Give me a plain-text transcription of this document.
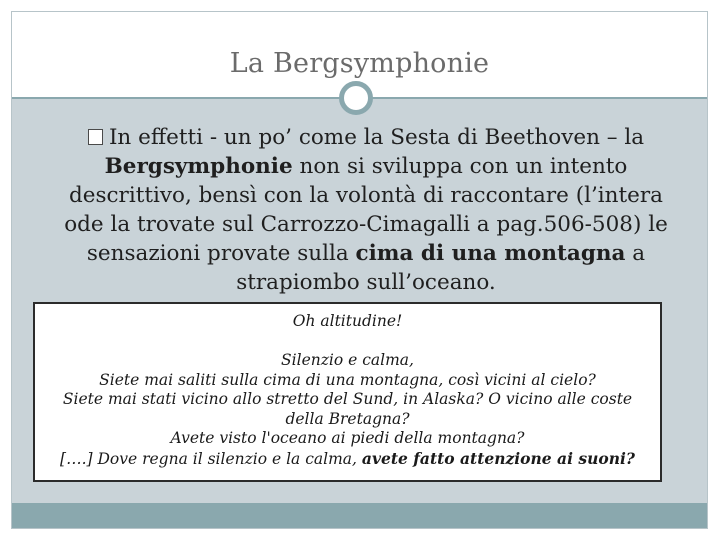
La Bergsymphonie
In effetti - un po’ come la Sesta di Beethoven – la Bergsymphonie non si sviluppa con un intento descrittivo, bensì con la volontà di raccontare (l’intera ode la trovate sul Carrozzo-Cimagalli a pag.506-508) le sensazioni provate sulla cima di una montagna a strapiombo sull’oceano.
Oh altitudine!
Silenzio e calma,
Siete mai saliti sulla cima di una montagna, così vicini al cielo?
Siete mai stati vicino allo stretto del Sund, in Alaska? O vicino alle coste
della Bretagna?
Avete visto l'oceano ai piedi della montagna?
[….] Dove regna il silenzio e la calma, avete fatto attenzione ai suoni?
